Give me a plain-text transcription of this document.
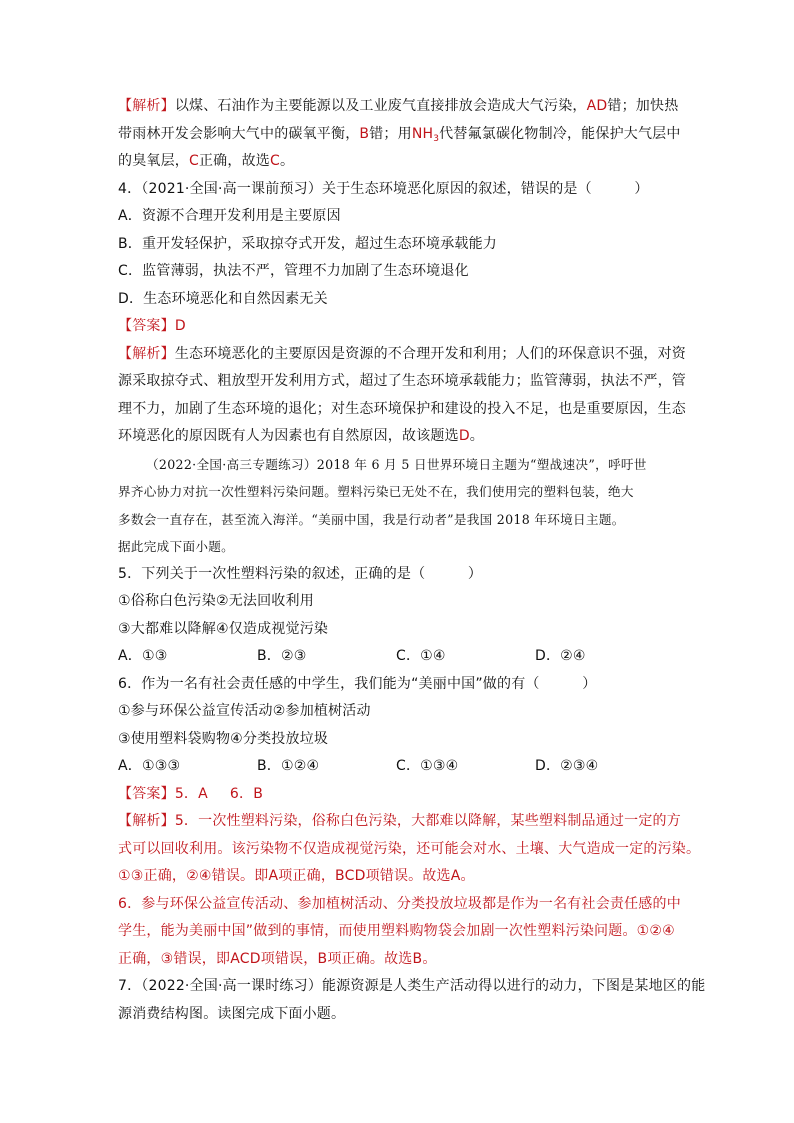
【解析】以煤、石油作为主要能源以及工业废气直接排放会造成大气污染，AD错；加快热
带雨林开发会影响大气中的碳氧平衡，B错；用$NH_3$代替氟氯碳化物制冷，能保护大气层中
的臭氧层，C正确，故选C。
4．（2021·全国·高一课前预习）关于生态环境恶化原因的叙述，错误的是（　　　）
A．资源不合理开发利用是主要原因
B．重开发轻保护，采取掠夺式开发，超过生态环境承载能力
C．监管薄弱，执法不严，管理不力加剧了生态环境退化
D．生态环境恶化和自然因素无关
【答案】D
【解析】生态环境恶化的主要原因是资源的不合理开发和利用；人们的环保意识不强，对资
源采取掠夺式、粗放型开发利用方式，超过了生态环境承载能力；监管薄弱，执法不严，管
理不力，加剧了生态环境的退化；对生态环境保护和建设的投入不足，也是重要原因，生态
环境恶化的原因既有人为因素也有自然原因，故该题选D。
（2022·全国·高三专题练习）2018 年 6 月 5 日世界环境日主题为“塑战速决”，呼吁世
界齐心协力对抗一次性塑料污染问题。塑料污染已无处不在，我们使用完的塑料包装，绝大
多数会一直存在，甚至流入海洋。“美丽中国，我是行动者”是我国 2018 年环境日主题。
据此完成下面小题。
5．下列关于一次性塑料污染的叙述，正确的是（　　　）
①俗称白色污染②无法回收利用
③大都难以降解④仅造成视觉污染
A．①③	B．②③	C．①④	D．②④
6．作为一名有社会责任感的中学生，我们能为“美丽中国”做的有（　　　）
①参与环保公益宣传活动②参加植树活动
③使用塑料袋购物④分类投放垃圾
A．①③③	B．①②④	C．①③④	D．②③④
【答案】5．A 6．B
【解析】5．一次性塑料污染，俗称白色污染，大都难以降解，某些塑料制品通过一定的方
式可以回收利用。该污染物不仅造成视觉污染，还可能会对水、土壤、大气造成一定的污染。
①③正确，②④错误。即A项正确，BCD项错误。故选A。
6．参与环保公益宣传活动、参加植树活动、分类投放垃圾都是作为一名有社会责任感的中
学生，能为美丽中国”做到的事情，而使用塑料购物袋会加剧一次性塑料污染问题。①②④
正确，③错误，即ACD项错误，B项正确。故选B。
7．（2022·全国·高一课时练习）能源资源是人类生产活动得以进行的动力，下图是某地区的能
源消费结构图。读图完成下面小题。
